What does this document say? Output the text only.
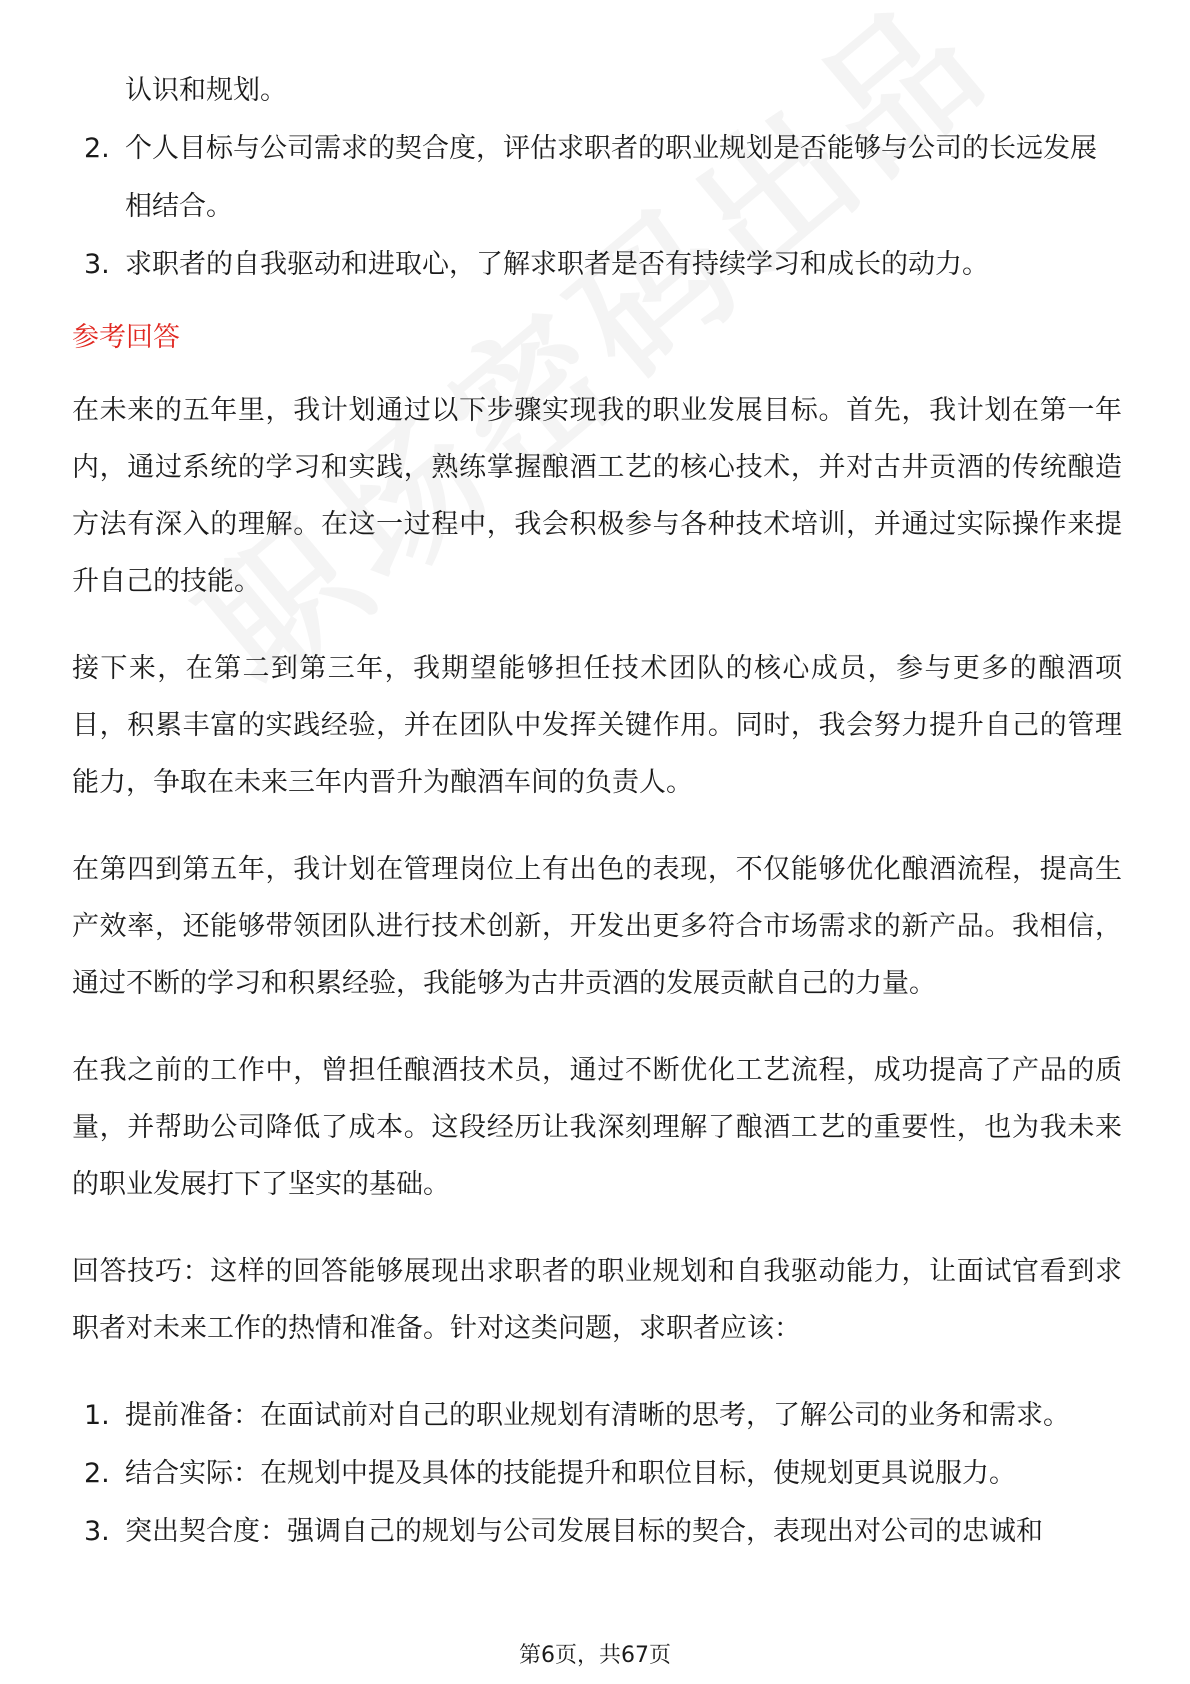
认识和规划。
2. 个人目标与公司需求的契合度，评估求职者的职业规划是否能够与公司的长远发展相结合。
3. 求职者的自我驱动和进取心，了解求职者是否有持续学习和成长的动力。
参考回答

在未来的五年里，我计划通过以下步骤实现我的职业发展目标。首先，我计划在第一年内，通过系统的学习和实践，熟练掌握酿酒工艺的核心技术，并对古井贡酒的传统酿造方法有深入的理解。在这一过程中，我会积极参与各种技术培训，并通过实际操作来提升自己的技能。

接下来，在第二到第三年，我期望能够担任技术团队的核心成员，参与更多的酿酒项目，积累丰富的实践经验，并在团队中发挥关键作用。同时，我会努力提升自己的管理能力，争取在未来三年内晋升为酿酒车间的负责人。

在第四到第五年，我计划在管理岗位上有出色的表现，不仅能够优化酿酒流程，提高生产效率，还能够带领团队进行技术创新，开发出更多符合市场需求的新产品。我相信，通过不断的学习和积累经验，我能够为古井贡酒的发展贡献自己的力量。

在我之前的工作中，曾担任酿酒技术员，通过不断优化工艺流程，成功提高了产品的质量，并帮助公司降低了成本。这段经历让我深刻理解了酿酒工艺的重要性，也为我未来的职业发展打下了坚实的基础。

回答技巧：这样的回答能够展现出求职者的职业规划和自我驱动能力，让面试官看到求职者对未来工作的热情和准备。针对这类问题，求职者应该：

1. 提前准备：在面试前对自己的职业规划有清晰的思考，了解公司的业务和需求。
2. 结合实际：在规划中提及具体的技能提升和职位目标，使规划更具说服力。
3. 突出契合度：强调自己的规划与公司发展目标的契合，表现出对公司的忠诚和
第6页，共67页
